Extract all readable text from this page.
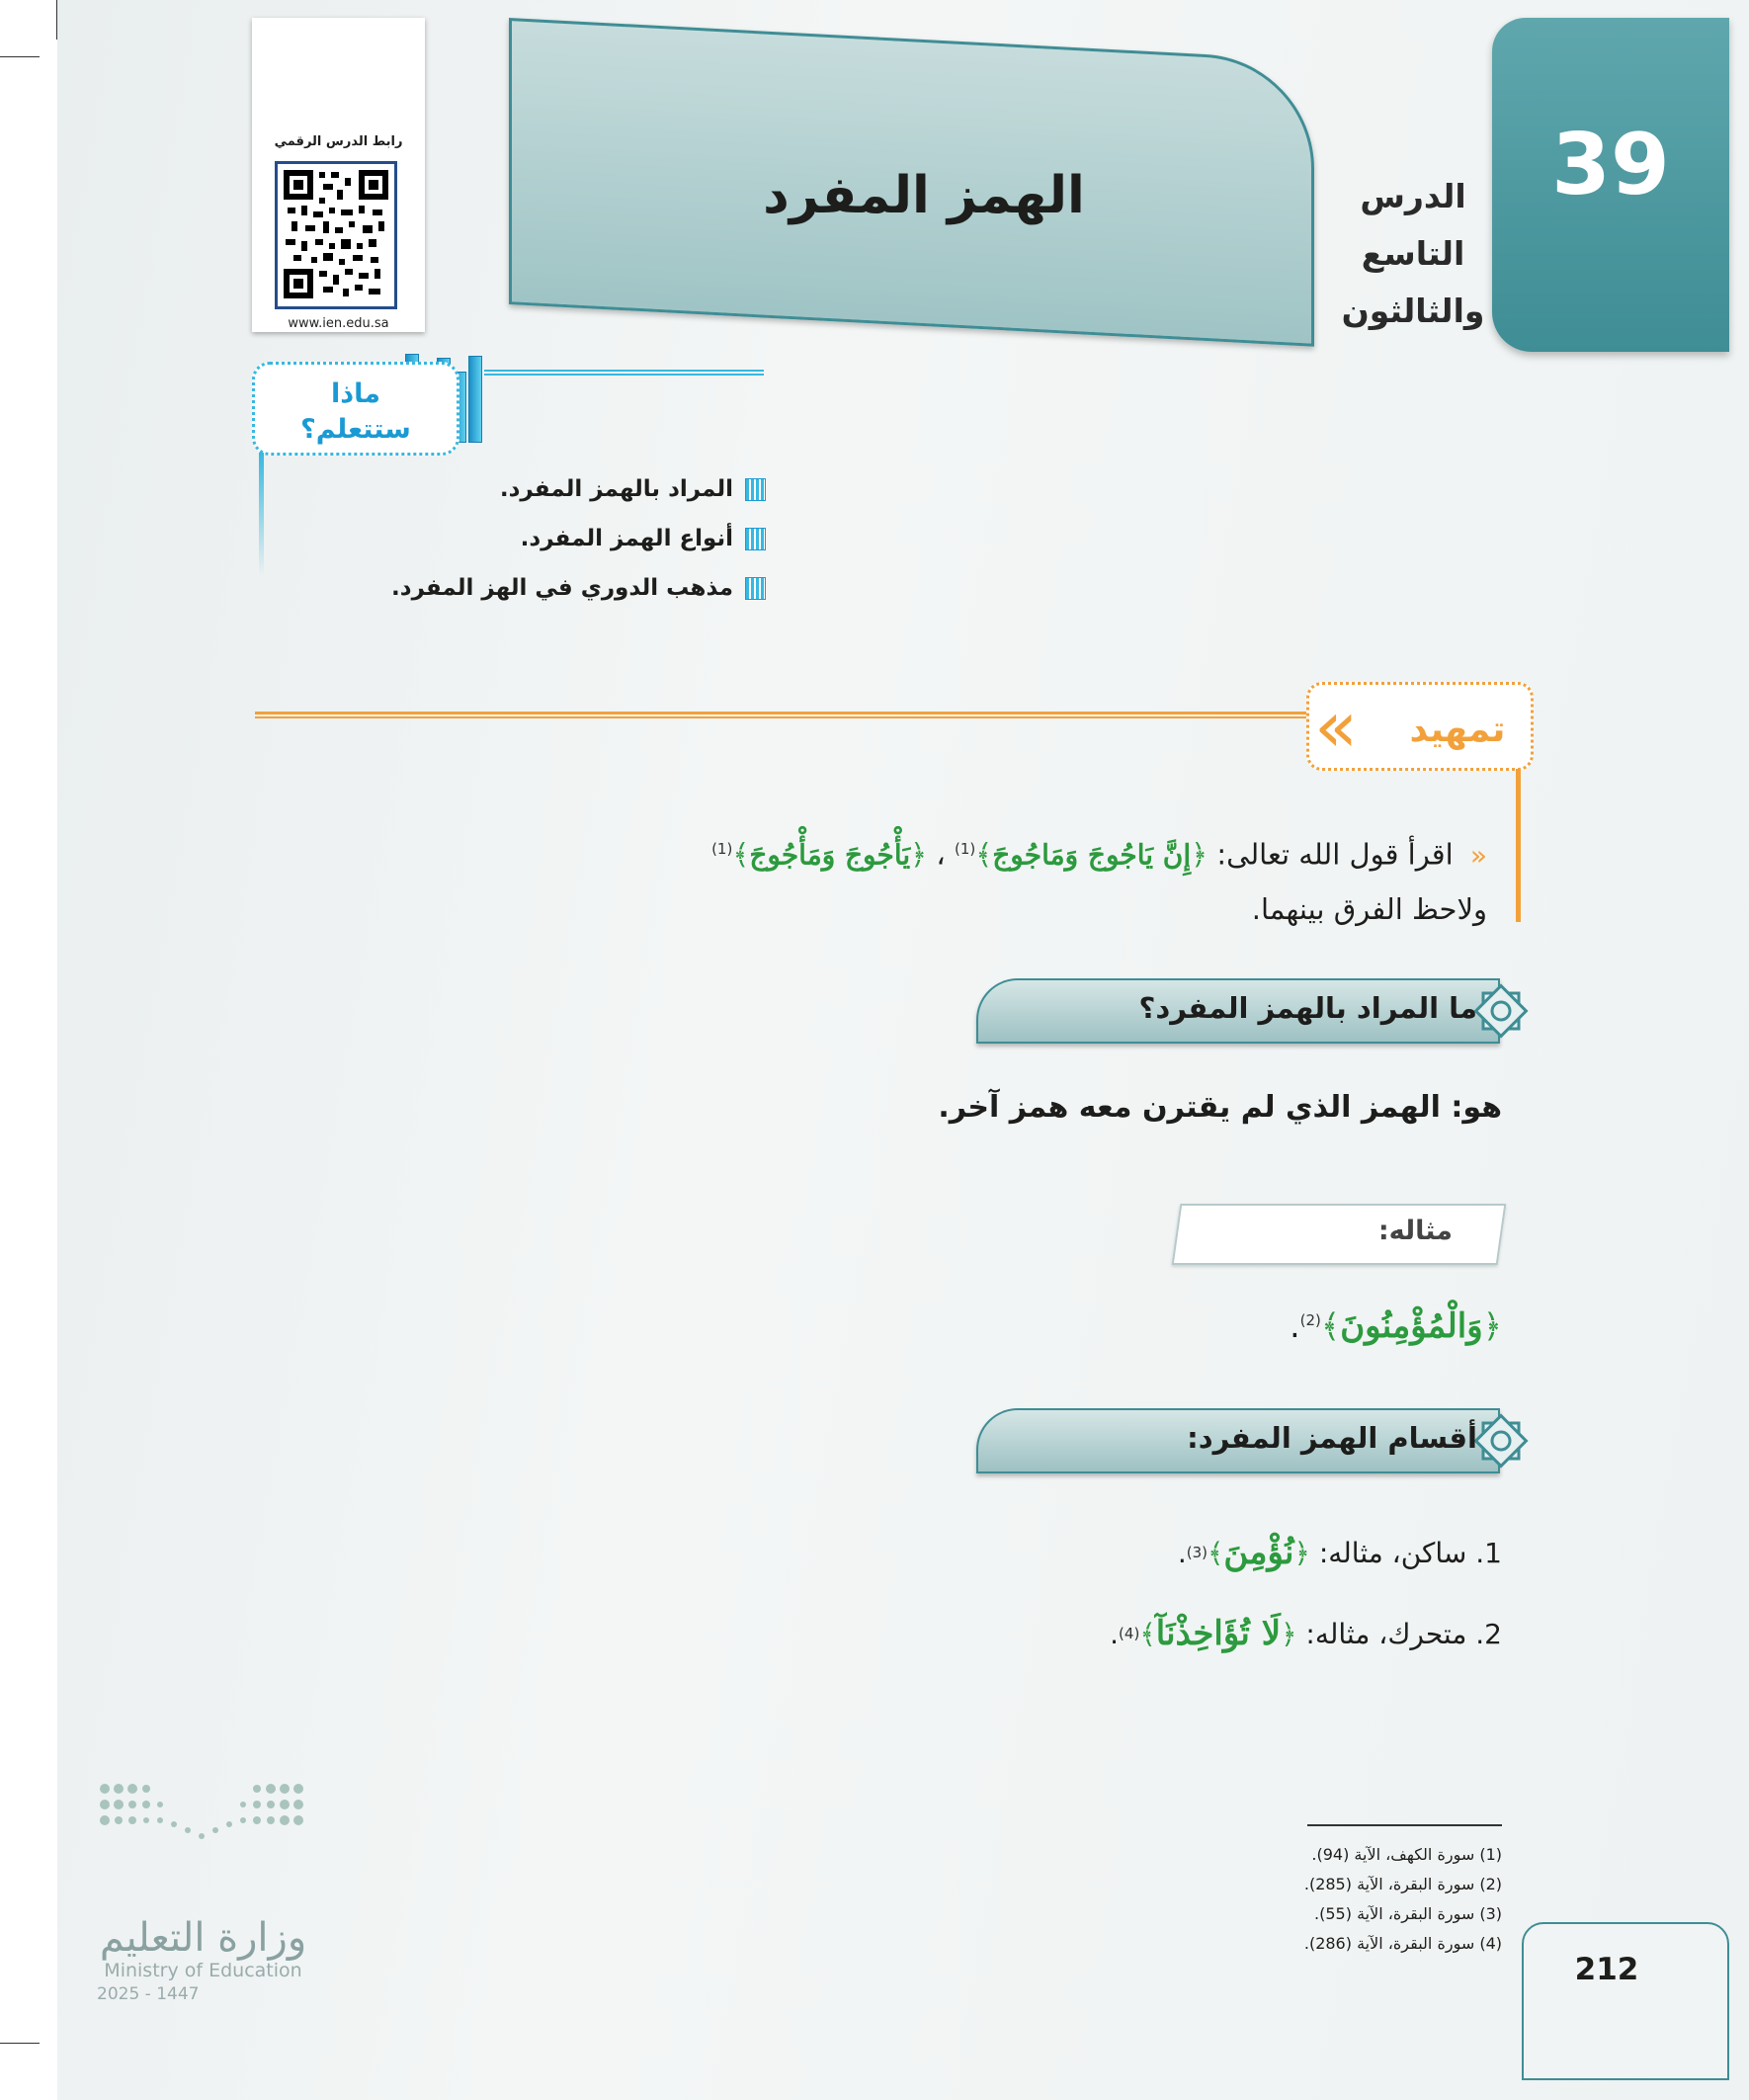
رابط الدرس الرقمي
www.ien.edu.sa
الهمز المفرد	39
الدرس التاسع
والثالثون
ماذا
ستتعلم؟
المراد بالهمز المفرد.
أنواع الهمز المفرد.
مذهب الدوري في الهز المفرد.
«	تمهيد
« اقرأ قول الله تعالى: ﴿إِنَّ يَاجُوجَ وَمَاجُوجَ﴾$^{(1)}$ ، ﴿يَأْجُوجَ وَمَأْجُوجَ﴾$^{(1)}$
ولاحظ الفرق بينهما.
ما المراد بالهمز المفرد؟
هو: الهمز الذي لم يقترن معه همز آخر.
مثاله:
﴿وَالْمُؤْمِنُونَ﴾$^{(2)}$.
أقسام الهمز المفرد:
1. ساكن، مثاله:

﴿
نُؤْمِنَ
﴾
(3)
.
2. متحرك، مثاله:

﴿
لَا تُؤَاخِذْنَآ
﴾
(4)
.
(1) سورة الكهف، الآية (94).
(2) سورة البقرة، الآية (285).
(3) سورة البقرة، الآية (55).
(4) سورة البقرة، الآية (286).
212
وزارة التعليم
Ministry of Education
2025 - 1447
